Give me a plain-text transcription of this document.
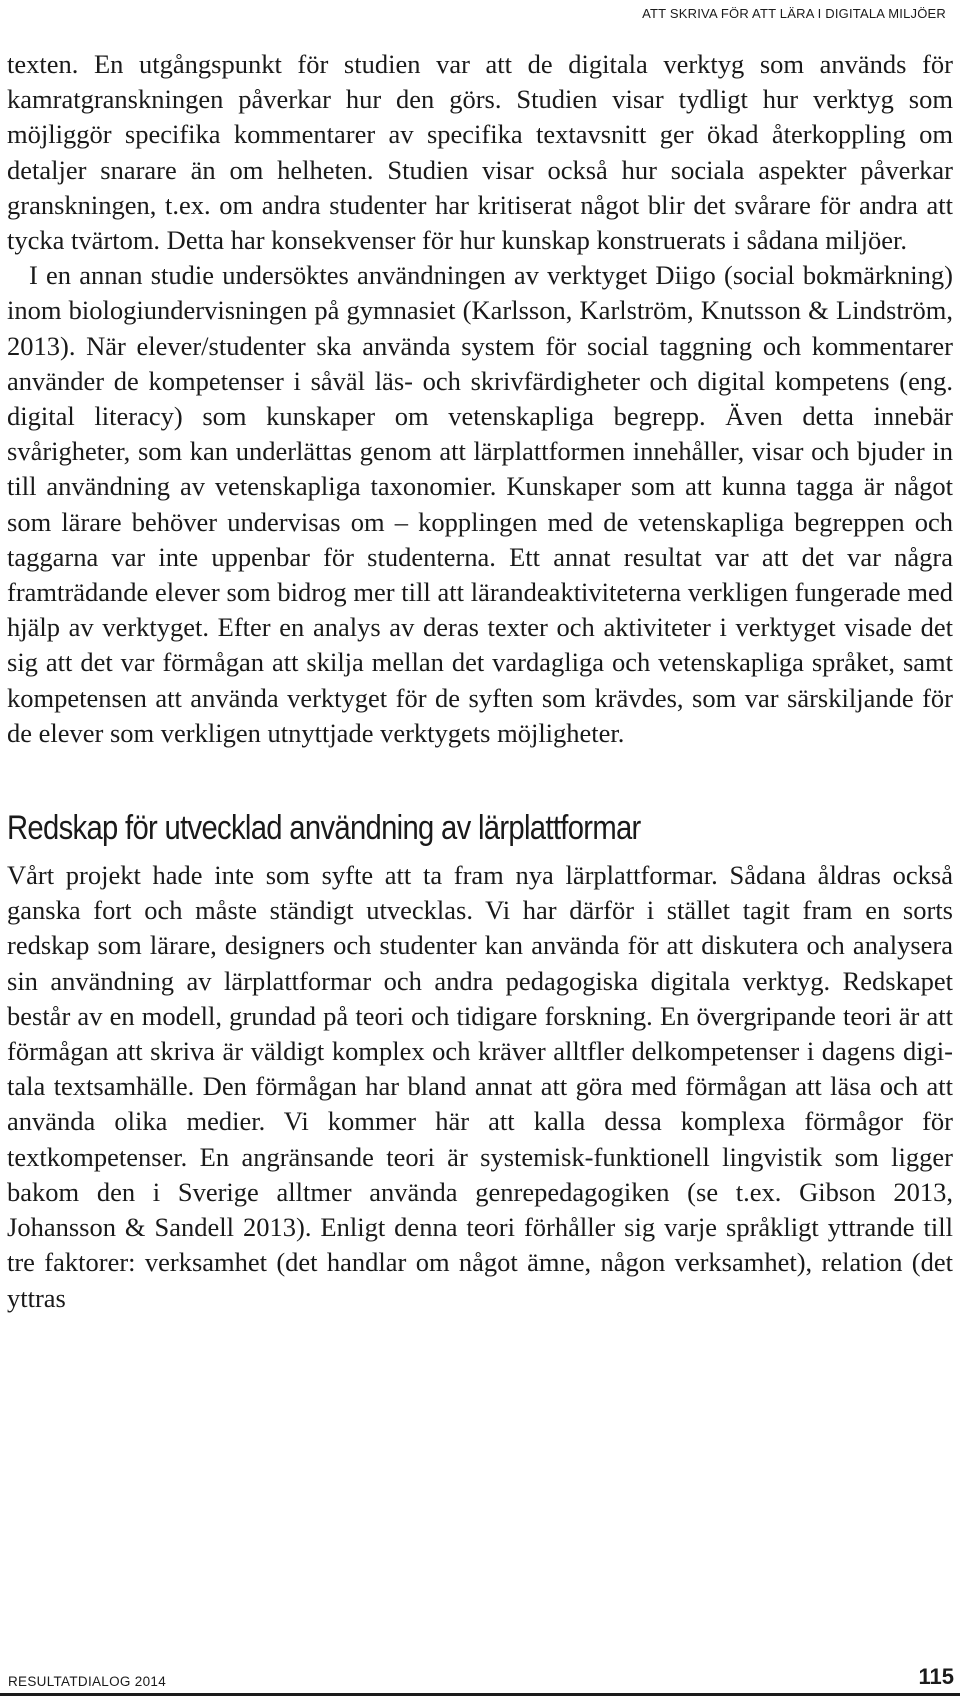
ATT SKRIVA FÖR ATT LÄRA I DIGITALA MILJÖER

texten. En utgångspunkt för studien var att de digitala verktyg som används för kamratgranskningen påverkar hur den görs. Studien visar tydligt hur verktyg som möjliggör specifika kommentarer av specifika textavsnitt ger ökad återkoppling om detaljer snarare än om helheten. Studien visar också hur sociala aspekter påverkar granskningen, t.ex. om andra studenter har kritiserat något blir det svårare för andra att tycka tvärtom. Detta har konsekvenser för hur kunskap konstruerats i sådana miljöer.

I en annan studie undersöktes användningen av verktyget Diigo (social bokmärkning) inom biologiundervisningen på gymnasiet (Karlsson, Karlström, Knutsson & Lindström, 2013). När elever/studenter ska använda system för social taggning och kommentarer använder de kompetenser i såväl läs- och skrivfärdigheter och digital kompetens (eng. digital literacy) som kunskaper om vetenskapliga begrepp. Även detta innebär svårigheter, som kan underlättas genom att lärplattformen innehåller, visar och bjuder in till användning av vetenskapliga taxonomier. Kunskaper som att kunna tagga är något som lärare behöver undervisas om – kopplingen med de vetenskapliga begreppen och taggarna var inte uppenbar för studenterna. Ett annat resultat var att det var några framträdande elever som bidrog mer till att lärandeaktiviteterna verkligen fungerade med hjälp av verktyget. Efter en analys av deras texter och aktiviteter i verktyget visade det sig att det var förmågan att skilja mellan det vardagliga och vetenskapliga språket, samt kompetensen att använda verktyget för de syften som krävdes, som var särskiljande för de elever som verkligen utnyttjade verktygets möjligheter.

Redskap för utvecklad användning av lärplattformar

Vårt projekt hade inte som syfte att ta fram nya lärplattformar. Sådana åldras också ganska fort och måste ständigt utvecklas. Vi har därför i stället tagit fram en sorts redskap som lärare, designers och studenter kan använda för att diskutera och analysera sin användning av lärplattformar och andra pedagogiska digitala verktyg. Redskapet består av en modell, grundad på teori och tidigare forskning. En övergripande teori är att förmågan att skriva är väldigt komplex och kräver alltfler delkompetenser i dagens digitala textsamhälle. Den förmågan har bland annat att göra med förmågan att läsa och att använda olika medier. Vi kommer här att kalla dessa komplexa förmågor för textkompetenser. En angränsande teori är systemisk-funktionell lingvistik som ligger bakom den i Sverige alltmer använda genrepedagogiken (se t.ex. Gibson 2013, Johansson & Sandell 2013). Enligt denna teori förhåller sig varje språkligt yttrande till tre faktorer: verksamhet (det handlar om något ämne, någon verksamhet), relation (det yttras

RESULTATDIALOG 2014	115
